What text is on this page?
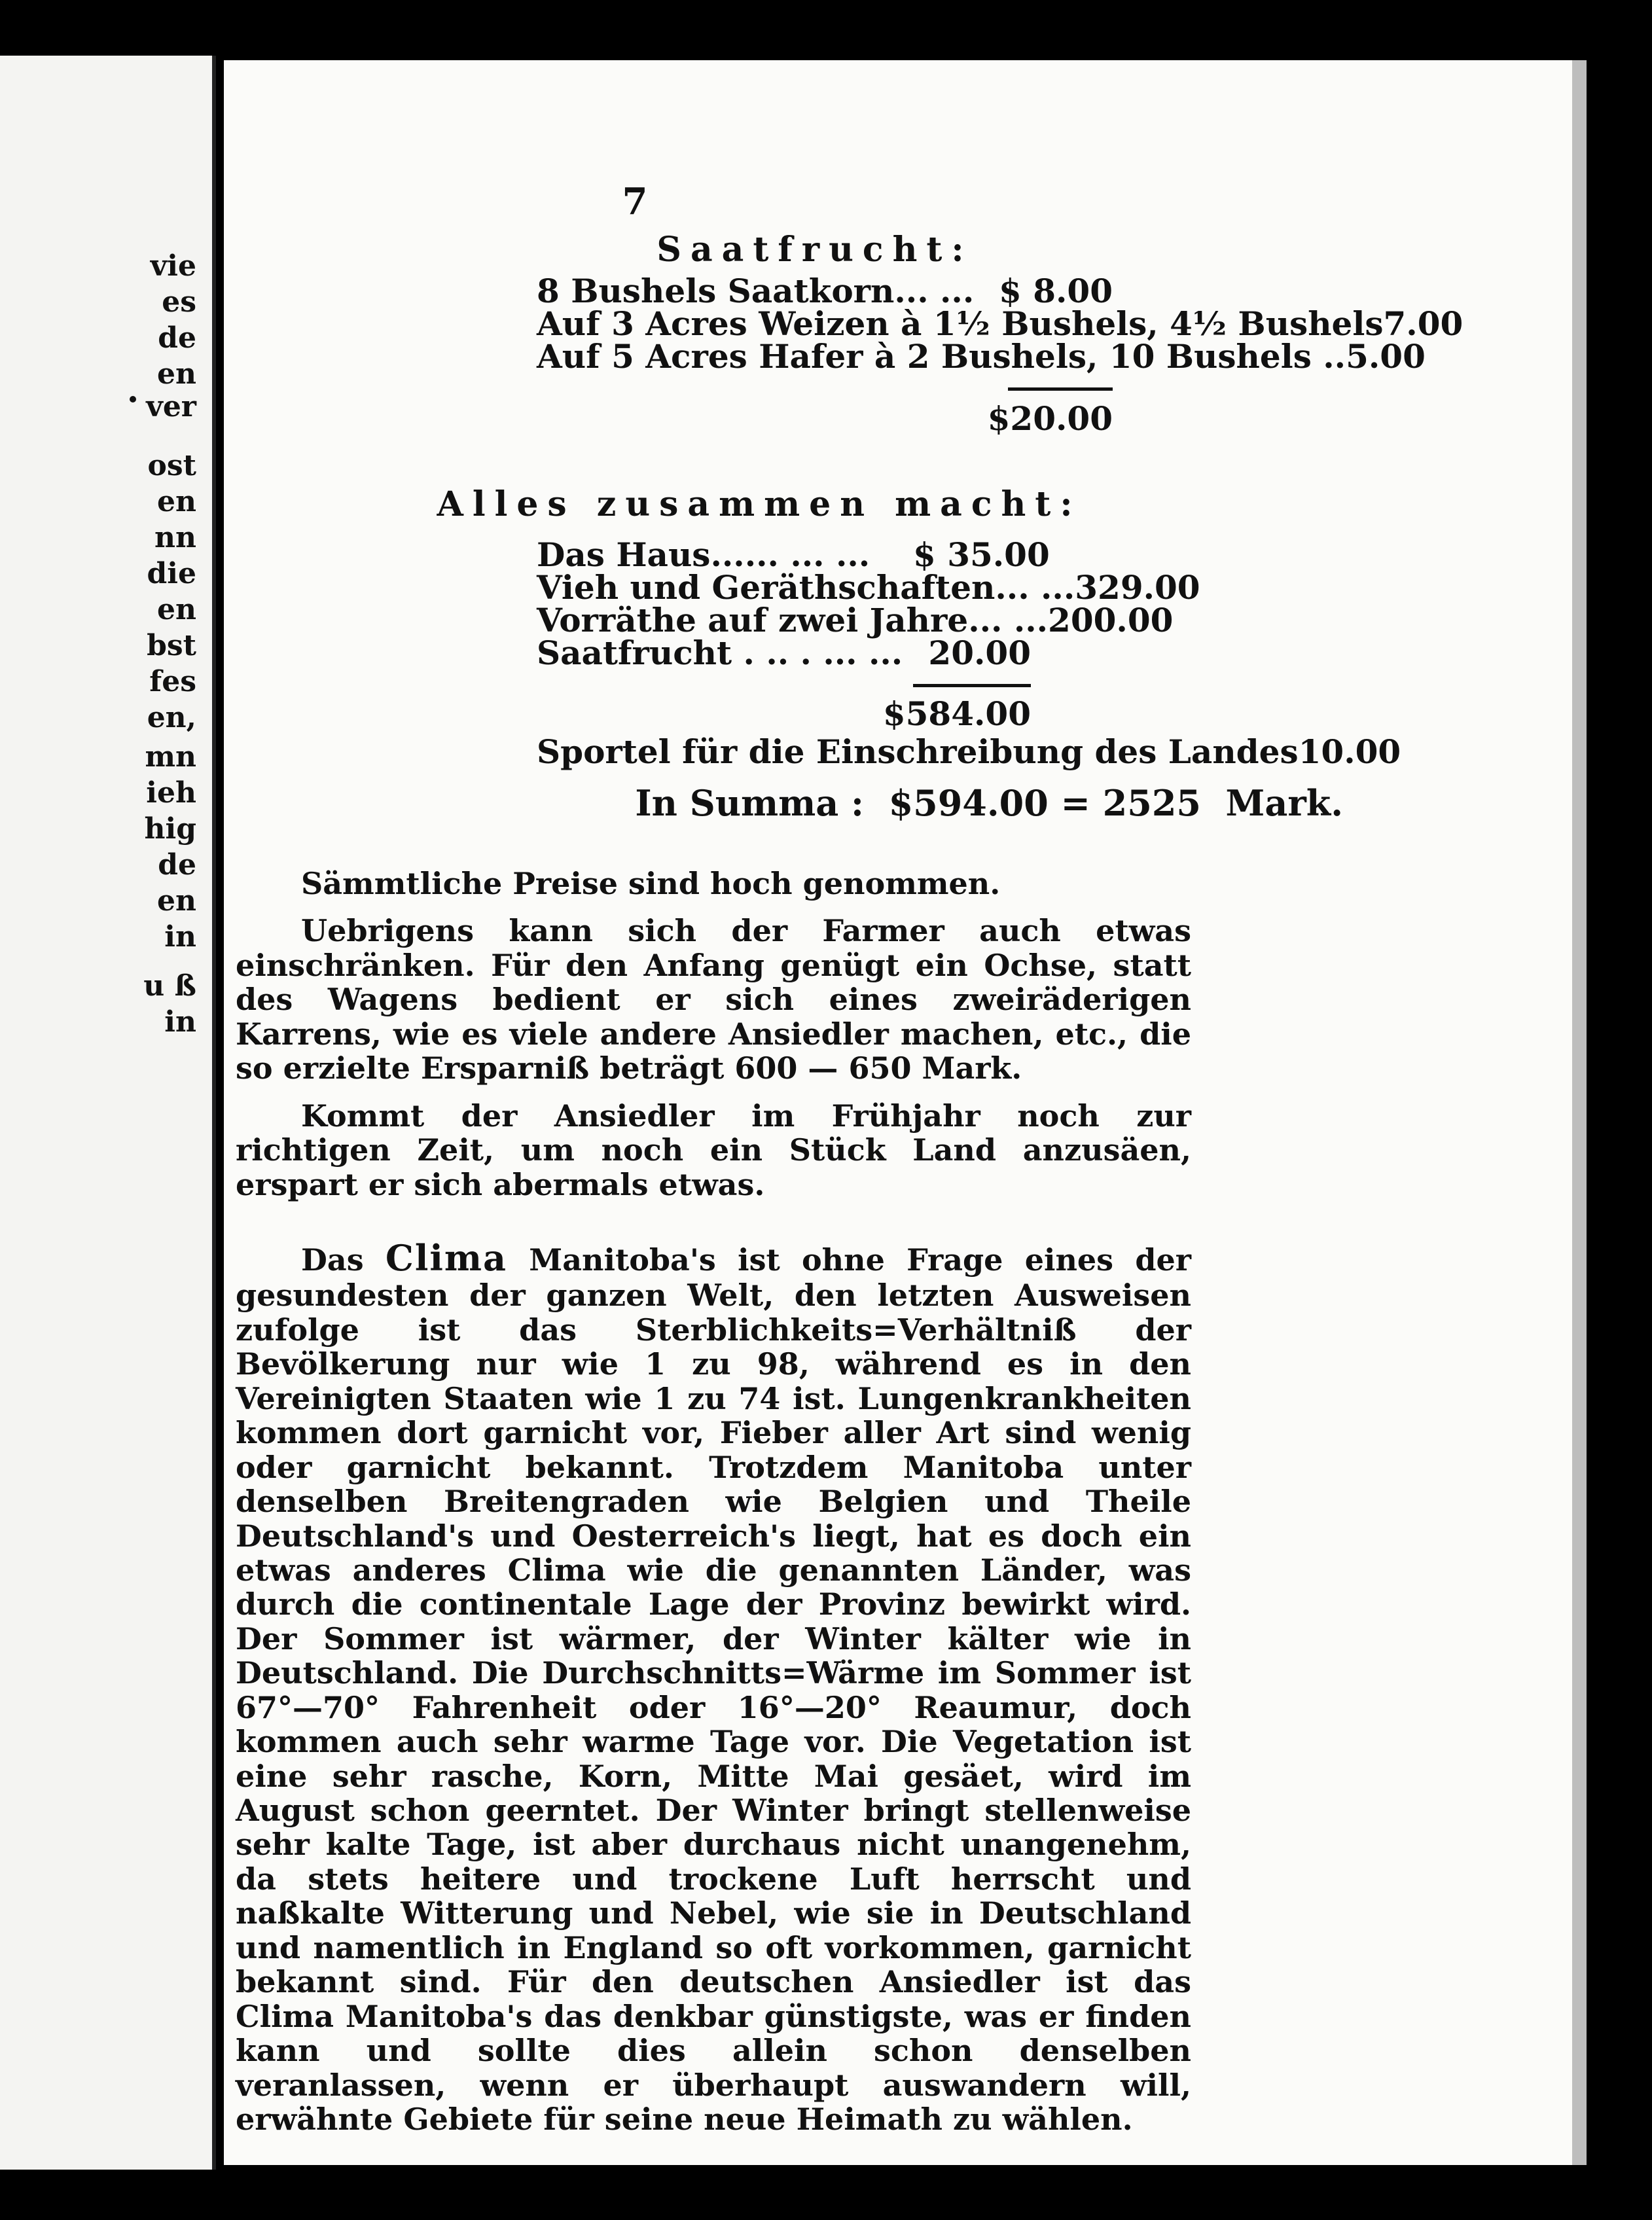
vie
es
de
en
ver
ost
en
nn
die
en
bst
fes
en,
mn
ieh
hig
de
en
in
u ß
in
7
Saatfrucht:
8 Bushels Saatkorn ... ... $ 8.00
Auf 3 Acres Weizen à 1½ Bushels, 4½ Bushels 7.00
Auf 5 Acres Hafer à 2 Bushels, 10 Bushels .. 5.00
$20.00
Alles zusammen macht:
Das Haus... ... ... ...	$ 35.00
Vieh und Geräthschaften ... ... 329.00
Vorräthe auf zwei Jahre ... ... 200.00
Saatfrucht . . . . ... ... 20.00
$584.00
Sportel für die Einschreibung des Landes 10.00
In Summa :  $594.00 = 2525  Mark.

Sämmtliche Preise sind hoch genommen.

Uebrigens kann sich der Farmer auch etwas einschränken. Für den Anfang genügt ein Ochse, statt des Wagens bedient er sich eines zweiräderigen Karrens, wie es viele andere Ansiedler machen, etc., die so erzielte Ersparniß beträgt 600 — 650 Mark.

Kommt der Ansiedler im Frühjahr noch zur richtigen Zeit, um noch ein Stück Land anzusäen, erspart er sich abermals etwas.

Das Clima Manitoba's ist ohne Frage eines der gesundesten der ganzen Welt, den letzten Ausweisen zufolge ist das Sterblichkeits=Verhältniß der Bevölkerung nur wie 1 zu 98, während es in den Vereinigten Staaten wie 1 zu 74 ist. Lungenkrankheiten kommen dort garnicht vor, Fieber aller Art sind wenig oder garnicht bekannt. Trotzdem Manitoba unter denselben Breitengraden wie Belgien und Theile Deutschland's und Oesterreich's liegt, hat es doch ein etwas anderes Clima wie die genannten Länder, was durch die continentale Lage der Provinz bewirkt wird. Der Sommer ist wärmer, der Winter kälter wie in Deutschland. Die Durchschnitts=Wärme im Sommer ist 67°—70° Fahrenheit oder 16°—20° Reaumur, doch kommen auch sehr warme Tage vor. Die Vegetation ist eine sehr rasche, Korn, Mitte Mai gesäet, wird im August schon geerntet. Der Winter bringt stellenweise sehr kalte Tage, ist aber durchaus nicht unangenehm, da stets heitere und trockene Luft herrscht und naßkalte Witterung und Nebel, wie sie in Deutschland und namentlich in England so oft vorkommen, garnicht bekannt sind. Für den deutschen Ansiedler ist das Clima Manitoba's das denkbar günstigste, was er finden kann und sollte dies allein schon denselben veranlassen, wenn er überhaupt auswandern will, erwähnte Gebiete für seine neue Heimath zu wählen.
